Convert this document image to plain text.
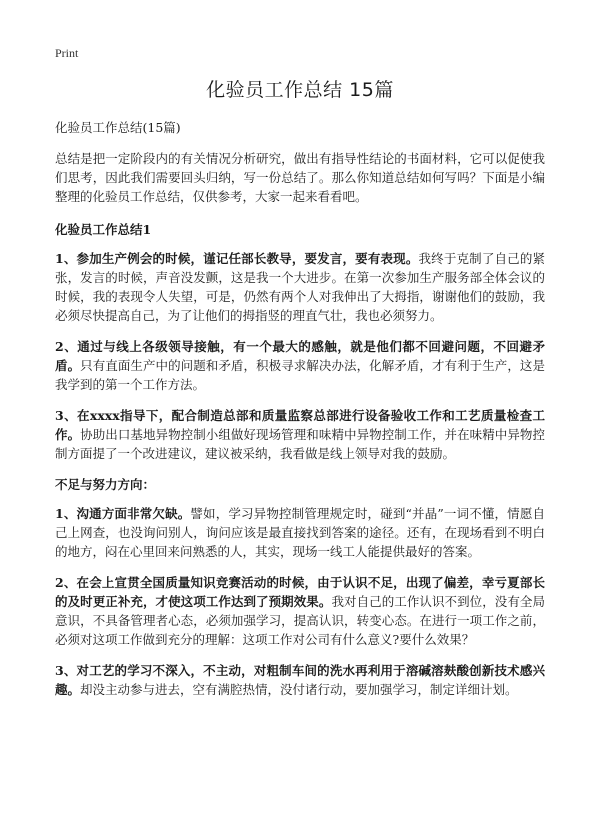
Print
化验员工作总结 15篇
化验员工作总结(15篇)

总结是把一定阶段内的有关情况分析研究，做出有指导性结论的书面材料，它可以促使我们思考，因此我们需要回头归纳，写一份总结了。那么你知道总结如何写吗？下面是小编整理的化验员工作总结，仅供参考，大家一起来看看吧。

化验员工作总结1

1、参加生产例会的时候，谨记任部长教导，要发言，要有表现。我终于克制了自己的紧张，发言的时候，声音没发颤，这是我一个大进步。在第一次参加生产服务部全体会议的时候，我的表现令人失望，可是，仍然有两个人对我伸出了大拇指，谢谢他们的鼓励，我必须尽快提高自己，为了让他们的拇指竖的理直气壮，我也必须努力。

2、通过与线上各级领导接触，有一个最大的感触，就是他们都不回避问题，不回避矛盾。只有直面生产中的问题和矛盾，积极寻求解决办法，化解矛盾，才有利于生产，这是我学到的第一个工作方法。

3、在xxxx指导下，配合制造总部和质量监察总部进行设备验收工作和工艺质量检查工作。协助出口基地异物控制小组做好现场管理和味精中异物控制工作，并在味精中异物控制方面提了一个改进建议，建议被采纳，我看做是线上领导对我的鼓励。

不足与努力方向：

1、沟通方面非常欠缺。譬如，学习异物控制管理规定时，碰到“并晶”一词不懂，情愿自己上网查，也没询问别人，询问应该是最直接找到答案的途径。还有，在现场看到不明白的地方，闷在心里回来问熟悉的人，其实，现场一线工人能提供最好的答案。

2、在会上宣贯全国质量知识竞赛活动的时候，由于认识不足，出现了偏差，幸亏夏部长的及时更正补充，才使这项工作达到了预期效果。我对自己的工作认识不到位，没有全局意识，不具备管理者心态，必须加强学习，提高认识，转变心态。在进行一项工作之前，必须对这项工作做到充分的理解：这项工作对公司有什么意义?要什么效果？

3、对工艺的学习不深入，不主动，对粗制车间的洗水再利用于溶碱溶麸酸创新技术感兴趣。却没主动参与进去，空有满腔热情，没付诸行动，要加强学习，制定详细计划。
